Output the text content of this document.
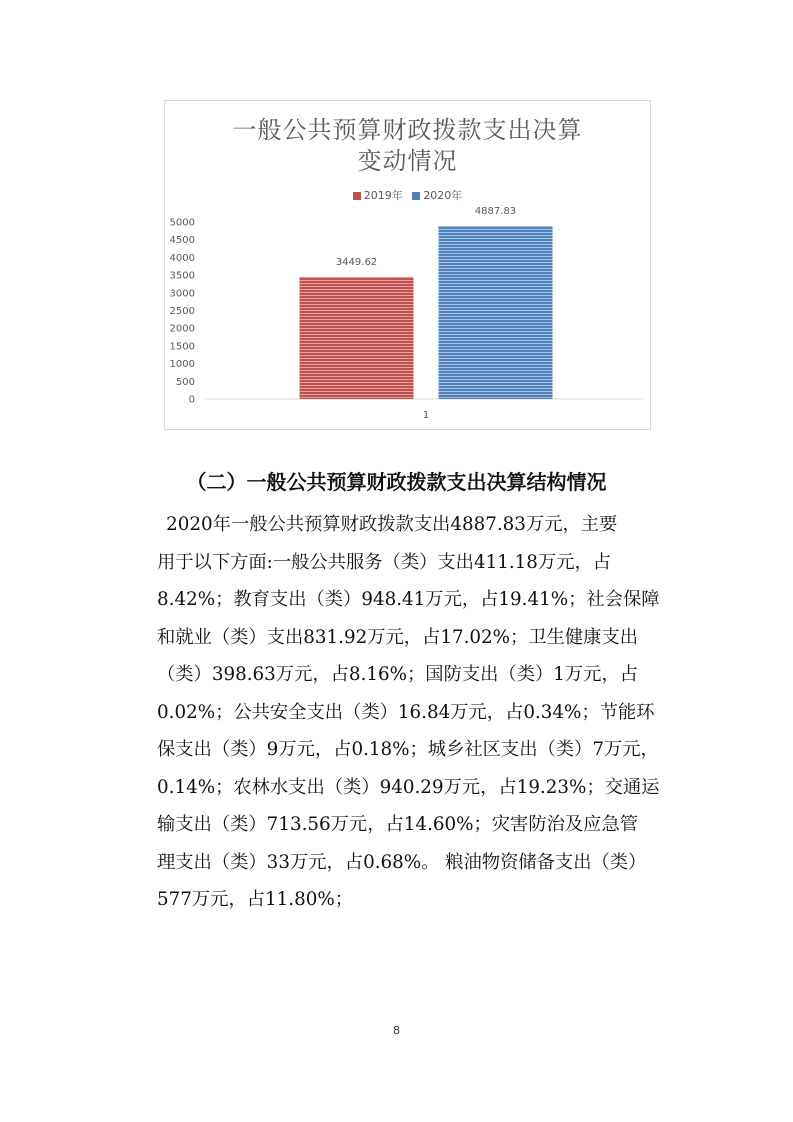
一般公共预算财政拨款支出决算
变动情况
2019年 2020年
0
500
1000
1500
2000
2500
3000
3500
4000
4500
5000
3449.62
4887.83
1
（二）一般公共预算财政拨款支出决算结构情况
2020年一般公共预算财政拨款支出4887.83万元，主要
用于以下方面:一般公共服务（类）支出411.18万元，占
8.42%；教育支出（类）948.41万元，占19.41%；社会保障
和就业（类）支出831.92万元，占17.02%；卫生健康支出
（类）398.63万元，占8.16%；国防支出（类）1万元，占
0.02%；公共安全支出（类）16.84万元，占0.34%；节能环
保支出（类）9万元，占0.18%；城乡社区支出（类）7万元，
0.14%；农林水支出（类）940.29万元，占19.23%；交通运
输支出（类）713.56万元，占14.60%；灾害防治及应急管
理支出（类）33万元，占0.68%。 粮油物资储备支出（类）
577万元，占11.80%；
8
